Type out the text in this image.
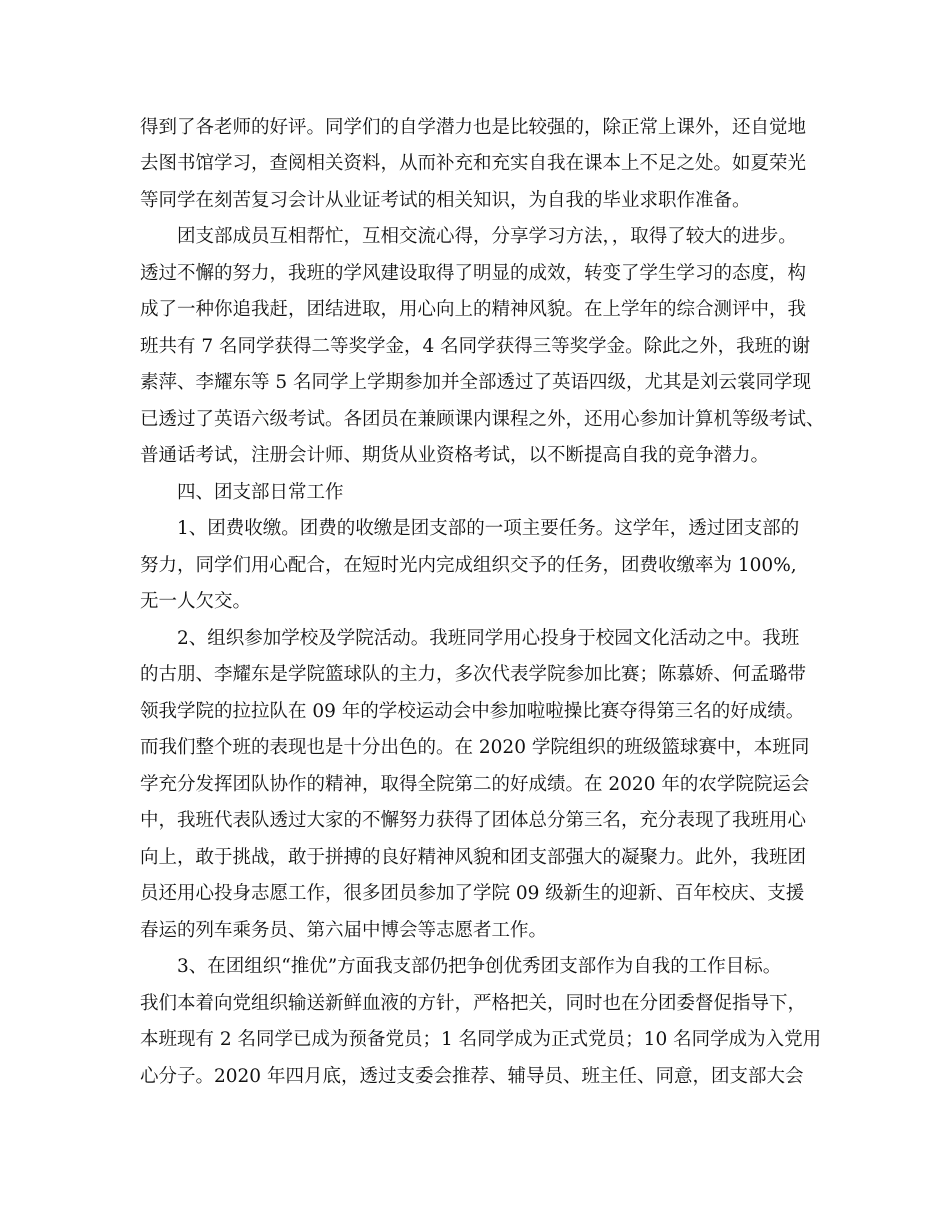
得到了各老师的好评。同学们的自学潜力也是比较强的，除正常上课外，还自觉地
去图书馆学习，查阅相关资料，从而补充和充实自我在课本上不足之处。如夏荣光
等同学在刻苦复习会计从业证考试的相关知识，为自我的毕业求职作准备。
团支部成员互相帮忙，互相交流心得，分享学习方法，，取得了较大的进步。
透过不懈的努力，我班的学风建设取得了明显的成效，转变了学生学习的态度，构
成了一种你追我赶，团结进取，用心向上的精神风貌。在上学年的综合测评中，我
班共有 7 名同学获得二等奖学金，4 名同学获得三等奖学金。除此之外，我班的谢
素萍、李耀东等 5 名同学上学期参加并全部透过了英语四级，尤其是刘云裳同学现
已透过了英语六级考试。各团员在兼顾课内课程之外，还用心参加计算机等级考试、
普通话考试，注册会计师、期货从业资格考试，以不断提高自我的竞争潜力。
四、团支部日常工作
1、团费收缴。团费的收缴是团支部的一项主要任务。这学年，透过团支部的
努力，同学们用心配合，在短时光内完成组织交予的任务，团费收缴率为 100%,
无一人欠交。
2、组织参加学校及学院活动。我班同学用心投身于校园文化活动之中。我班
的古朋、李耀东是学院篮球队的主力，多次代表学院参加比赛；陈慕娇、何孟璐带
领我学院的拉拉队在 09 年的学校运动会中参加啦啦操比赛夺得第三名的好成绩。
而我们整个班的表现也是十分出色的。在 2020 学院组织的班级篮球赛中，本班同
学充分发挥团队协作的精神，取得全院第二的好成绩。在 2020 年的农学院院运会
中，我班代表队透过大家的不懈努力获得了团体总分第三名，充分表现了我班用心
向上，敢于挑战，敢于拼搏的良好精神风貌和团支部强大的凝聚力。此外，我班团
员还用心投身志愿工作，很多团员参加了学院 09 级新生的迎新、百年校庆、支援
春运的列车乘务员、第六届中博会等志愿者工作。
3、在团组织“推优”方面我支部仍把争创优秀团支部作为自我的工作目标。
我们本着向党组织输送新鲜血液的方针，严格把关，同时也在分团委督促指导下，
本班现有 2 名同学已成为预备党员；1 名同学成为正式党员；10 名同学成为入党用
心分子。2020 年四月底，透过支委会推荐、辅导员、班主任、同意，团支部大会
